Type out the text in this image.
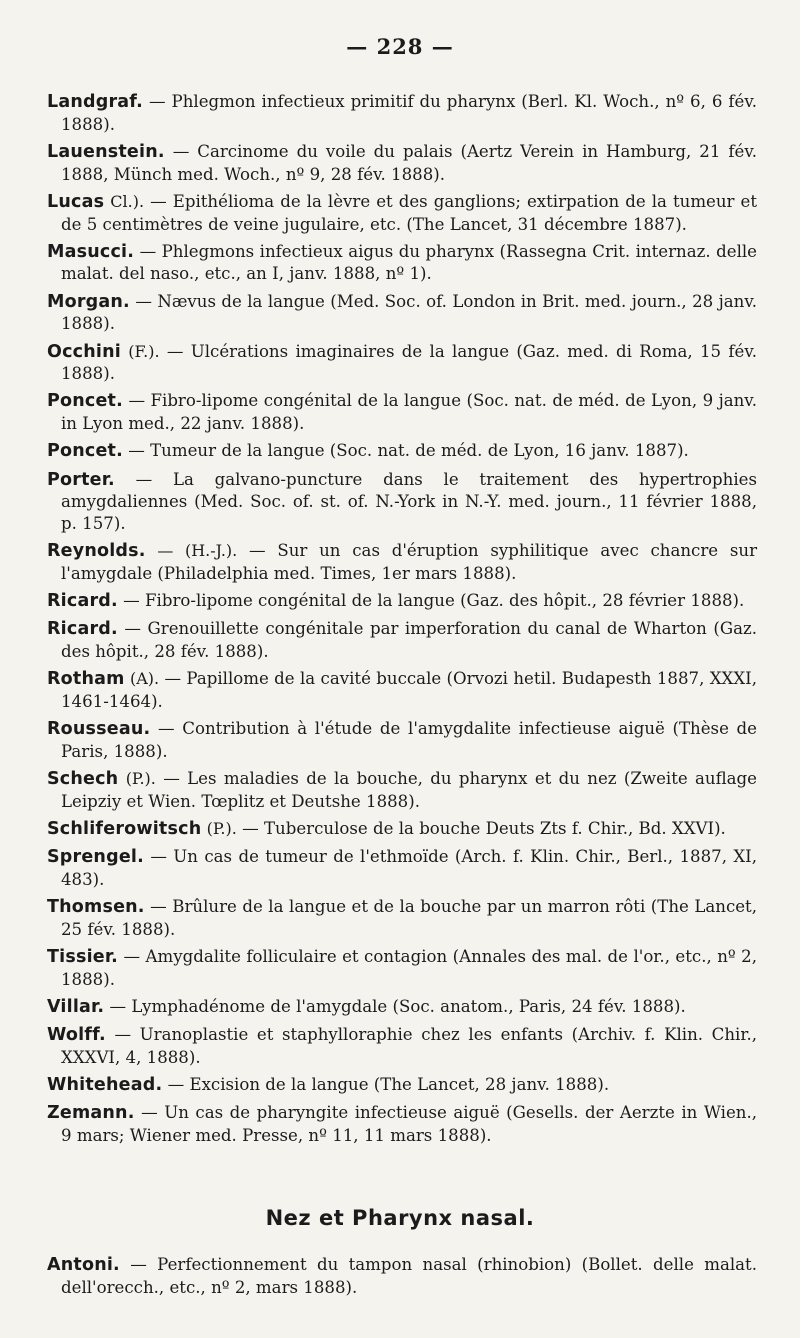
— 228 —

Landgraf. — Phlegmon infectieux primitif du pharynx (Berl. Kl. Woch., nº 6, 6 fév. 1888).

Lauenstein. — Carcinome du voile du palais (Aertz Verein in Hamburg, 21 fév. 1888, Münch med. Woch., nº 9, 28 fév. 1888).

Lucas Cl.). — Epithélioma de la lèvre et des ganglions; extirpation de la tumeur et de 5 centimètres de veine jugulaire, etc. (The Lancet, 31 décembre 1887).

Masucci. — Phlegmons infectieux aigus du pharynx (Rassegna Crit. internaz. delle malat. del naso., etc., an I, janv. 1888, nº 1).

Morgan. — Nævus de la langue (Med. Soc. of. London in Brit. med. journ., 28 janv. 1888).

Occhini (F.). — Ulcérations imaginaires de la langue (Gaz. med. di Roma, 15 fév. 1888).

Poncet. — Fibro-lipome congénital de la langue (Soc. nat. de méd. de Lyon, 9 janv. in Lyon med., 22 janv. 1888).

Poncet. — Tumeur de la langue (Soc. nat. de méd. de Lyon, 16 janv. 1887).

Porter. — La galvano-puncture dans le traitement des hypertrophies amygdaliennes (Med. Soc. of. st. of. N.-York in N.-Y. med. journ., 11 février 1888, p. 157).

Reynolds. — (H.-J.). — Sur un cas d'éruption syphilitique avec chancre sur l'amygdale (Philadelphia med. Times, 1er mars 1888).

Ricard. — Fibro-lipome congénital de la langue (Gaz. des hôpit., 28 février 1888).

Ricard. — Grenouillette congénitale par imperforation du canal de Wharton (Gaz. des hôpit., 28 fév. 1888).

Rotham (A). — Papillome de la cavité buccale (Orvozi hetil. Budapesth 1887, XXXI, 1461-1464).

Rousseau. — Contribution à l'étude de l'amygdalite infectieuse aiguë (Thèse de Paris, 1888).

Schech (P.). — Les maladies de la bouche, du pharynx et du nez (Zweite auflage Leipziy et Wien. Tœplitz et Deutshe 1888).

Schliferowitsch (P.). — Tuberculose de la bouche Deuts Zts f. Chir., Bd. XXVI).

Sprengel. — Un cas de tumeur de l'ethmoïde (Arch. f. Klin. Chir., Berl., 1887, XI, 483).

Thomsen. — Brûlure de la langue et de la bouche par un marron rôti (The Lancet, 25 fév. 1888).

Tissier. — Amygdalite folliculaire et contagion (Annales des mal. de l'or., etc., nº 2, 1888).

Villar. — Lymphadénome de l'amygdale (Soc. anatom., Paris, 24 fév. 1888).

Wolff. — Uranoplastie et staphylloraphie chez les enfants (Archiv. f. Klin. Chir., XXXVI, 4, 1888).

Whitehead. — Excision de la langue (The Lancet, 28 janv. 1888).

Zemann. — Un cas de pharyngite infectieuse aiguë (Gesells. der Aerzte in Wien., 9 mars; Wiener med. Presse, nº 11, 11 mars 1888).

Nez et Pharynx nasal.

Antoni. — Perfectionnement du tampon nasal (rhinobion) (Bollet. delle malat. dell'orecch., etc., nº 2, mars 1888).
